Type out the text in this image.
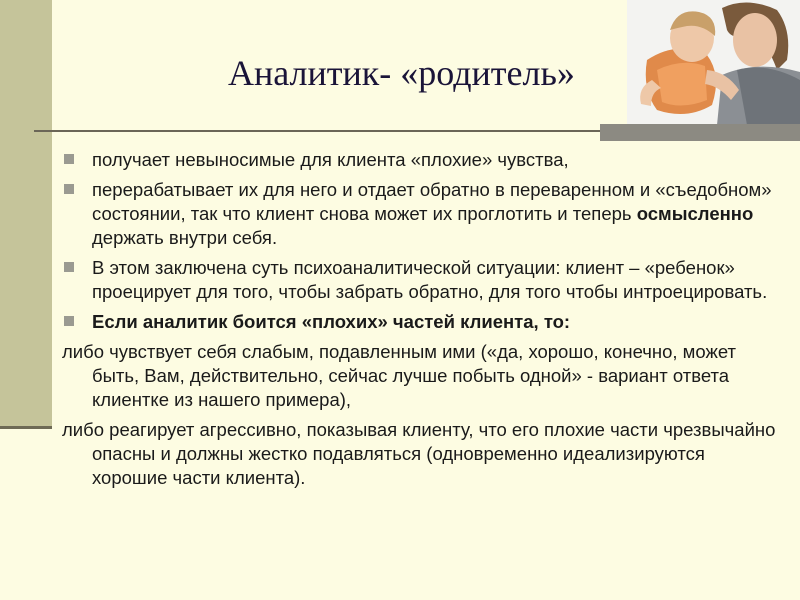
Аналитик- «родитель»
получает невыносимые для клиента «плохие» чувства,
перерабатывает их для него и отдает обратно в переваренном и «съедобном» состоянии, так что клиент снова может их проглотить и теперь осмысленно держать внутри себя.
В этом заключена суть психоаналитической ситуации: клиент – «ребенок» проецирует для того, чтобы забрать обратно, для того чтобы интроецировать.
Если аналитик боится «плохих» частей клиента, то:
либо чувствует себя слабым, подавленным ими («да, хорошо, конечно, может быть, Вам, действительно, сейчас лучше побыть одной» - вариант ответа клиентке из нашего примера),
либо реагирует агрессивно, показывая клиенту, что его плохие части чрезвычайно опасны и должны жестко подавляться (одновременно идеализируются хорошие части клиента).
